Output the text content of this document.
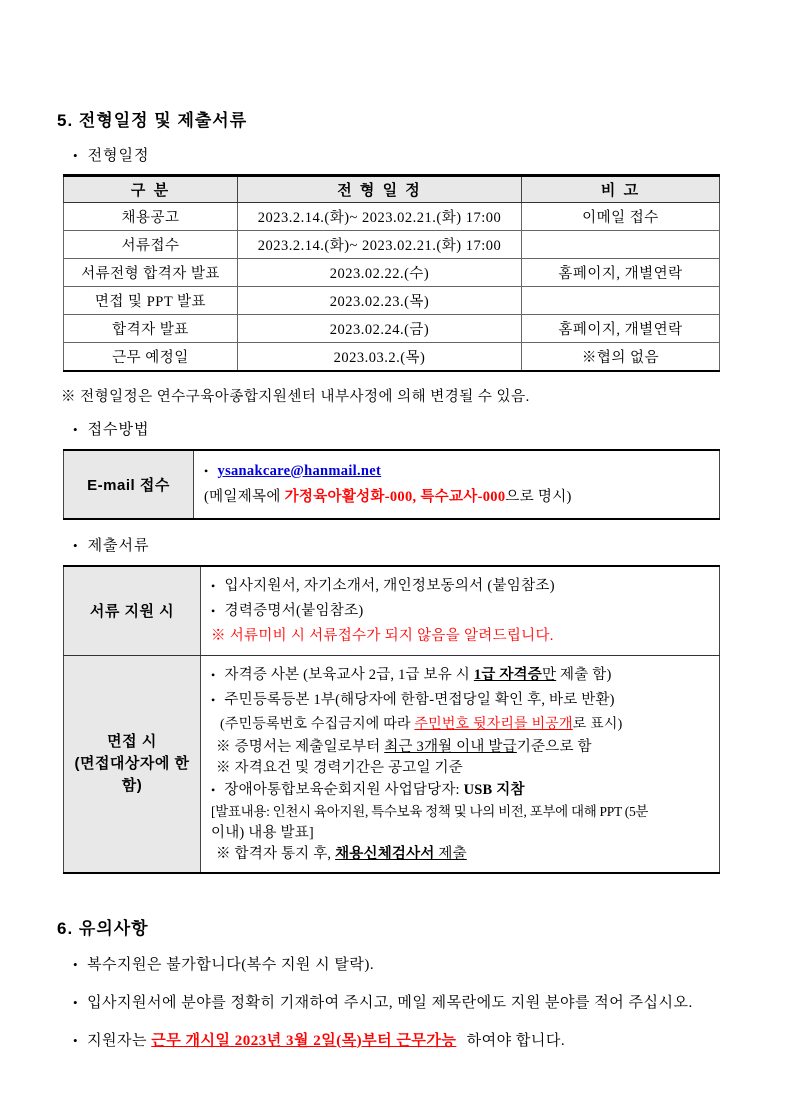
5. 전형일정 및 제출서류
• 전형일정
구 분	전 형 일 정	비 고
채용공고	2023.2.14.(화)~ 2023.02.21.(화) 17:00	이메일 접수
서류접수	2023.2.14.(화)~ 2023.02.21.(화) 17:00	
서류전형 합격자 발표	2023.02.22.(수)	홈페이지, 개별연락
면접 및 PPT 발표	2023.02.23.(목)	
합격자 발표	2023.02.24.(금)	홈페이지, 개별연락
근무 예정일	2023.03.2.(목)	※협의 없음
※ 전형일정은 연수구육아종합지원센터 내부사정에 의해 변경될 수 있음.
• 접수방법
E-mail 접수	
• ysanakcare@hanmail.net
(메일제목에 가정육아활성화-000, 특수교사-000으로 명시)
• 제출서류
서류 지원 시	• 입사지원서, 자기소개서, 개인정보동의서 (붙임참조)
• 경력증명서(붙임참조)
※ 서류미비 시 서류접수가 되지 않음을 알려드립니다.

면접 시
(면접대상자에 한
함)

• 자격증 사본 (보육교사 2급, 1급 보유 시 1급 자격증만 제출 함)
• 주민등록등본 1부(해당자에 한함-면접당일 확인 후, 바로 반환)
(주민등록번호 수집금지에 따라 주민번호 뒷자리를 비공개로 표시)
※ 증명서는 제출일로부터 최근 3개월 이내 발급기준으로 함
※ 자격요건 및 경력기간은 공고일 기준
• 장애아통합보육순회지원 사업담당자: USB 지참
[발표내용: 인천시 육아지원, 특수보육 정책 및 나의 비전, 포부에 대해 PPT (5분
이내) 내용 발표]
※ 합격자 통지 후, 채용신체검사서 제출
6. 유의사항
• 복수지원은 불가합니다(복수 지원 시 탈락).
• 입사지원서에 분야를 정확히 기재하여 주시고, 메일 제목란에도 지원 분야를 적어 주십시오.
• 지원자는 근무 개시일 2023년 3월 2일(목)부터 근무가능 하여야 합니다.
